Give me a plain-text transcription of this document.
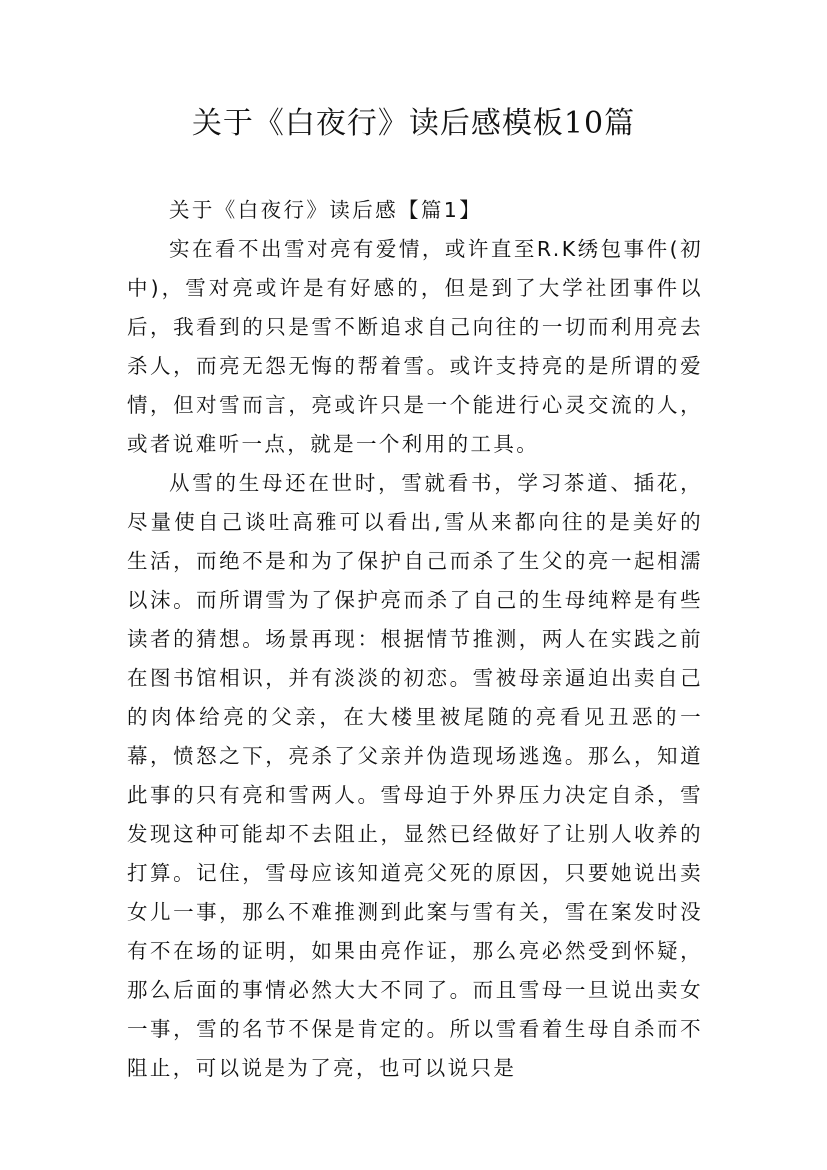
关于《白夜行》读后感模板10篇
关于《白夜行》读后感【篇1】

实在看不出雪对亮有爱情，或许直至R.K绣包事件(初中)，雪对亮或许是有好感的，但是到了大学社团事件以后，我看到的只是雪不断追求自己向往的一切而利用亮去杀人，而亮无怨无悔的帮着雪。或许支持亮的是所谓的爱情，但对雪而言，亮或许只是一个能进行心灵交流的人，或者说难听一点，就是一个利用的工具。

从雪的生母还在世时，雪就看书，学习茶道、插花，尽量使自己谈吐高雅可以看出,雪从来都向往的是美好的生活，而绝不是和为了保护自己而杀了生父的亮一起相濡以沫。而所谓雪为了保护亮而杀了自己的生母纯粹是有些读者的猜想。场景再现：根据情节推测，两人在实践之前在图书馆相识，并有淡淡的初恋。雪被母亲逼迫出卖自己的肉体给亮的父亲，在大楼里被尾随的亮看见丑恶的一幕，愤怒之下，亮杀了父亲并伪造现场逃逸。那么，知道此事的只有亮和雪两人。雪母迫于外界压力决定自杀，雪发现这种可能却不去阻止，显然已经做好了让别人收养的打算。记住，雪母应该知道亮父死的原因，只要她说出卖女儿一事，那么不难推测到此案与雪有关，雪在案发时没有不在场的证明，如果由亮作证，那么亮必然受到怀疑，那么后面的事情必然大大不同了。而且雪母一旦说出卖女一事，雪的名节不保是肯定的。所以雪看着生母自杀而不阻止，可以说是为了亮，也可以说只是
